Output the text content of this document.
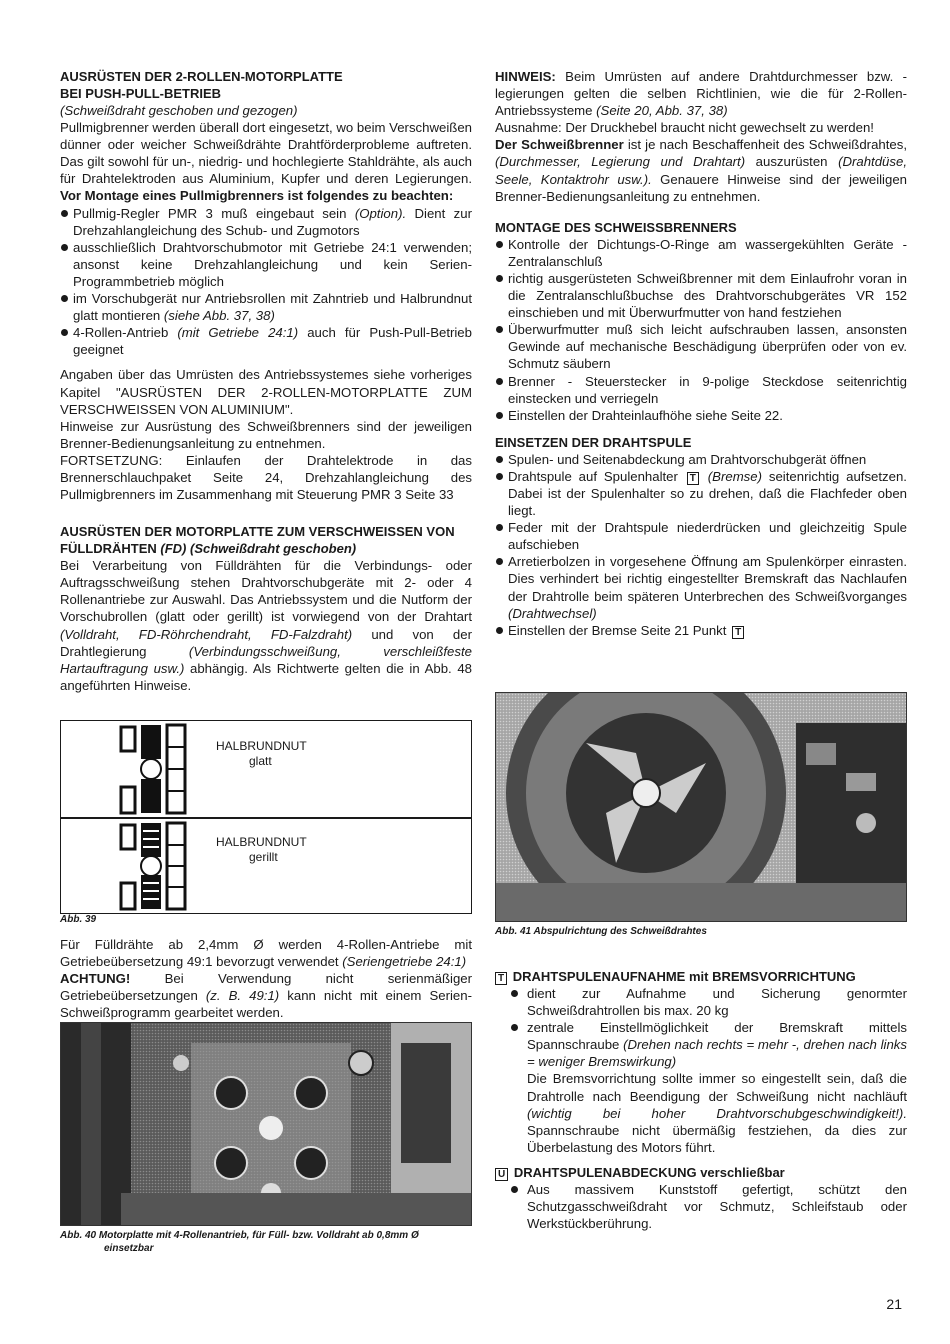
AUSRÜSTEN DER 2-ROLLEN-MOTORPLATTE
BEI PUSH-PULL-BETRIEB
(Schweißdraht geschoben und gezogen)

Pullmigbrenner werden überall dort eingesetzt, wo beim Verschweißen dünner oder weicher Schweißdrähte Drahtförderprobleme auftreten. Das gilt sowohl für un-, niedrig- und hochlegierte Stahldrähte, als auch für Drahtelektroden aus Aluminium, Kupfer und deren Legierungen. Vor Montage eines Pullmigbrenners ist folgendes zu beachten:

Pullmig-Regler PMR 3 muß eingebaut sein (Option). Dient zur Drehzahlangleichung des Schub- und Zugmotors
ausschließlich Drahtvorschubmotor mit Getriebe 24:1 verwenden; ansonst keine Drehzahlangleichung und kein Serien-Programmbetrieb möglich
im Vorschubgerät nur Antriebsrollen mit Zahntrieb und Halbrundnut glatt montieren (siehe Abb. 37, 38)
4-Rollen-Antrieb (mit Getriebe 24:1) auch für Push-Pull-Betrieb geeignet

Angaben über das Umrüsten des Antriebssystemes siehe vorheriges Kapitel "AUSRÜSTEN DER 2-ROLLEN-MOTORPLATTE ZUM VERSCHWEISSEN VON ALUMINIUM".

Hinweise zur Ausrüstung des Schweißbrenners sind der jeweiligen Brenner-Bedienungsanleitung zu entnehmen.

FORTSETZUNG: Einlaufen der Drahtelektrode in das Brennerschlauchpaket Seite 24, Drehzahlangleichung des Pullmigbrenners im Zusammenhang mit Steuerung PMR 3 Seite 33

AUSRÜSTEN DER MOTORPLATTE ZUM VERSCHWEISSEN VON FÜLLDRÄHTEN (FD) (Schweißdraht geschoben)

Bei Verarbeitung von Fülldrähten für die Verbindungs- oder Auftragsschweißung stehen Drahtvorschubgeräte mit 2- oder 4 Rollenantriebe zur Auswahl. Das Antriebssystem und die Nutform der Vorschubrollen (glatt oder gerillt) ist vorwiegend von der Drahtart (Volldraht, FD-Röhrchendraht, FD-Falzdraht) und von der Drahtlegierung	(Verbindungsschweißung, verschleißfeste Hartauftragung usw.) abhängig. Als Richtwerte gelten die in Abb. 48 angeführten Hinweise.

HALBRUNDNUT
glatt
HALBRUNDNUT
gerillt
Abb. 39

Für Fülldrähte ab 2,4mm Ø werden 4-Rollen-Antriebe mit Getriebeübersetzung 49:1 bevorzugt verwendet (Seriengetriebe 24:1)

ACHTUNG!	Bei Verwendung nicht serienmäßiger Getriebeübersetzungen (z. B. 49:1) kann nicht mit einem Serien-Schweißprogramm gearbeitet werden.

Abb. 40 Motorplatte mit 4-Rollenantrieb, für Füll- bzw. Volldraht ab 0,8mm Ø
einsetzbar

HINWEIS: Beim Umrüsten auf andere Drahtdurchmesser bzw. -legierungen gelten die selben Richtlinien, wie die für 2-Rollen-Antriebssysteme (Seite 20, Abb. 37, 38)

Ausnahme: Der Druckhebel braucht nicht gewechselt zu werden!

Der Schweißbrenner ist je nach Beschaffenheit des Schweißdrahtes, (Durchmesser, Legierung und Drahtart) auszurüsten (Drahtdüse, Seele, Kontaktrohr usw.). Genauere Hinweise sind der jeweiligen Brenner-Bedienungsanleitung zu entnehmen.

MONTAGE DES SCHWEISSBRENNERS
Kontrolle der Dichtungs-O-Ringe am wassergekühlten Geräte - Zentralanschluß
richtig ausgerüsteten Schweißbrenner mit dem Einlaufrohr voran in die Zentralanschlußbuchse des Drahtvorschubgerätes VR 152 einschieben und mit Überwurfmutter von hand festziehen
Überwurfmutter muß sich leicht aufschrauben lassen, ansonsten Gewinde auf mechanische Beschädigung überprüfen oder von ev. Schmutz säubern
Brenner - Steuerstecker in 9-polige Steckdose seitenrichtig einstecken und verriegeln
Einstellen der Drahteinlaufhöhe siehe Seite 22.
EINSETZEN DER DRAHTSPULE
Spulen- und Seitenabdeckung am Drahtvorschubgerät öffnen
Drahtspule auf Spulenhalter T (Bremse) seitenrichtig aufsetzen. Dabei ist der Spulenhalter so zu drehen, daß die Flachfeder oben liegt.
Feder mit der Drahtspule niederdrücken und gleichzeitig Spule aufschieben
Arretierbolzen in vorgesehene Öffnung am Spulenkörper einrasten. Dies verhindert bei richtig eingestellter Bremskraft das Nachlaufen der Drahtrolle beim späteren Unterbrechen des Schweißvorganges (Drahtwechsel)
Einstellen der Bremse Seite 21 Punkt T
Abb. 41 Abspulrichtung des Schweißdrahtes
T DRAHTSPULENAUFNAHME mit BREMSVORRICHTUNG
dient zur Aufnahme und Sicherung genormter Schweißdrahtrollen bis max. 20 kg
zentrale Einstellmöglichkeit der Bremskraft mittels Spannschraube (Drehen nach rechts = mehr -, drehen nach links = weniger Bremswirkung)
Die Bremsvorrichtung sollte immer so eingestellt sein, daß die Drahtrolle nach Beendigung der Schweißung nicht nachläuft (wichtig bei hoher Drahtvorschubgeschwindigkeit!). Spannschraube nicht übermäßig festziehen, da dies zur Überbelastung des Motors führt.
U DRAHTSPULENABDECKUNG verschließbar
Aus massivem Kunststoff gefertigt, schützt den Schutzgasschweißdraht vor Schmutz, Schleifstaub oder Werkstückberührung.
21
